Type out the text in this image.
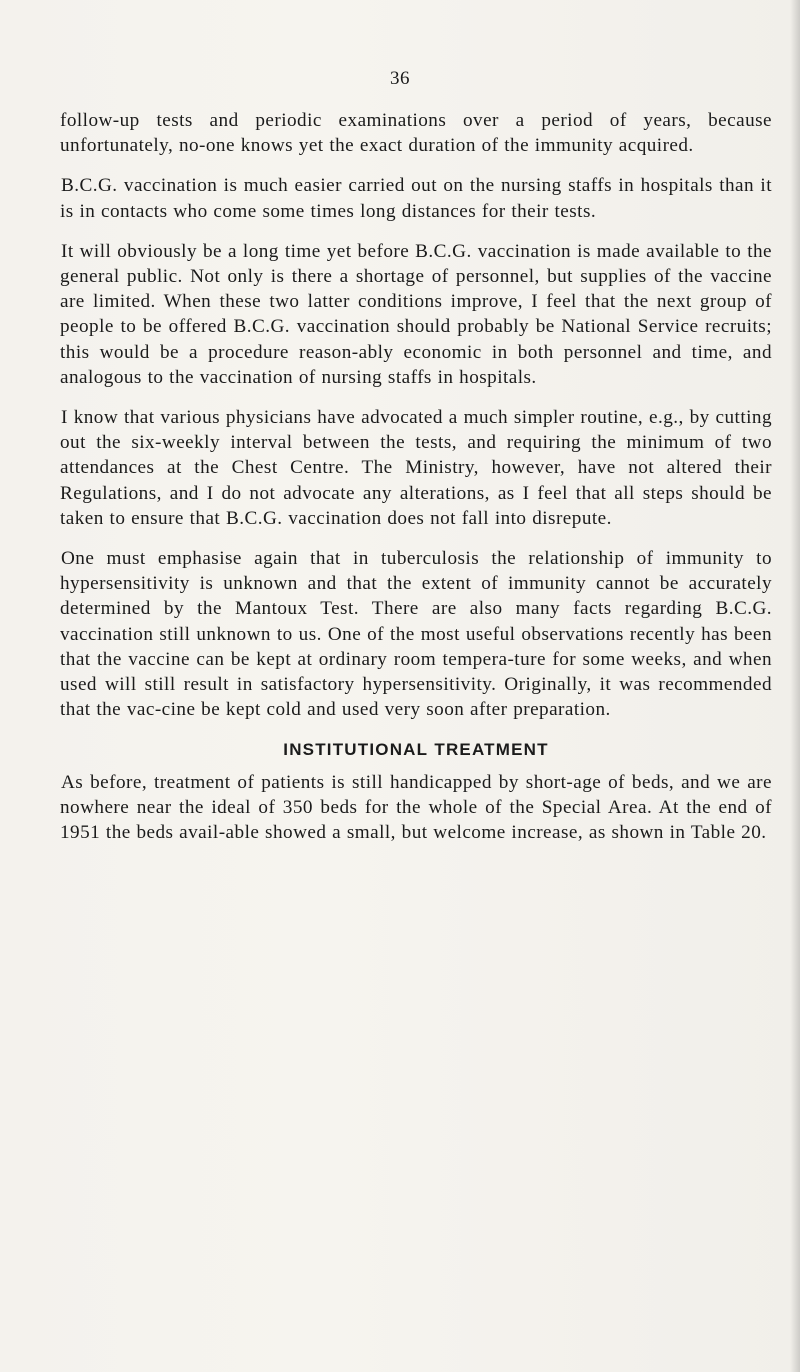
36

follow-up tests and periodic examinations over a period of years, because unfortunately, no-one knows yet the exact duration of the immunity acquired.

B.C.G. vaccination is much easier carried out on the nursing staffs in hospitals than it is in contacts who come some times long distances for their tests.

It will obviously be a long time yet before B.C.G. vaccination is made available to the general public. Not only is there a shortage of personnel, but supplies of the vaccine are limited. When these two latter conditions improve, I feel that the next group of people to be offered B.C.G. vaccination should probably be National Service recruits; this would be a procedure reason-ably economic in both personnel and time, and analogous to the vaccination of nursing staffs in hospitals.

I know that various physicians have advocated a much simpler routine, e.g., by cutting out the six-weekly interval between the tests, and requiring the minimum of two attendances at the Chest Centre. The Ministry, however, have not altered their Regulations, and I do not advocate any alterations, as I feel that all steps should be taken to ensure that B.C.G. vaccination does not fall into disrepute.

One must emphasise again that in tuberculosis the relationship of immunity to hypersensitivity is unknown and that the extent of immunity cannot be accurately determined by the Mantoux Test. There are also many facts regarding B.C.G. vaccination still unknown to us. One of the most useful observations recently has been that the vaccine can be kept at ordinary room tempera-ture for some weeks, and when used will still result in satisfactory hypersensitivity. Originally, it was recommended that the vac-cine be kept cold and used very soon after preparation.

INSTITUTIONAL TREATMENT

As before, treatment of patients is still handicapped by short-age of beds, and we are nowhere near the ideal of 350 beds for the whole of the Special Area. At the end of 1951 the beds avail-able showed a small, but welcome increase, as shown in Table 20.
